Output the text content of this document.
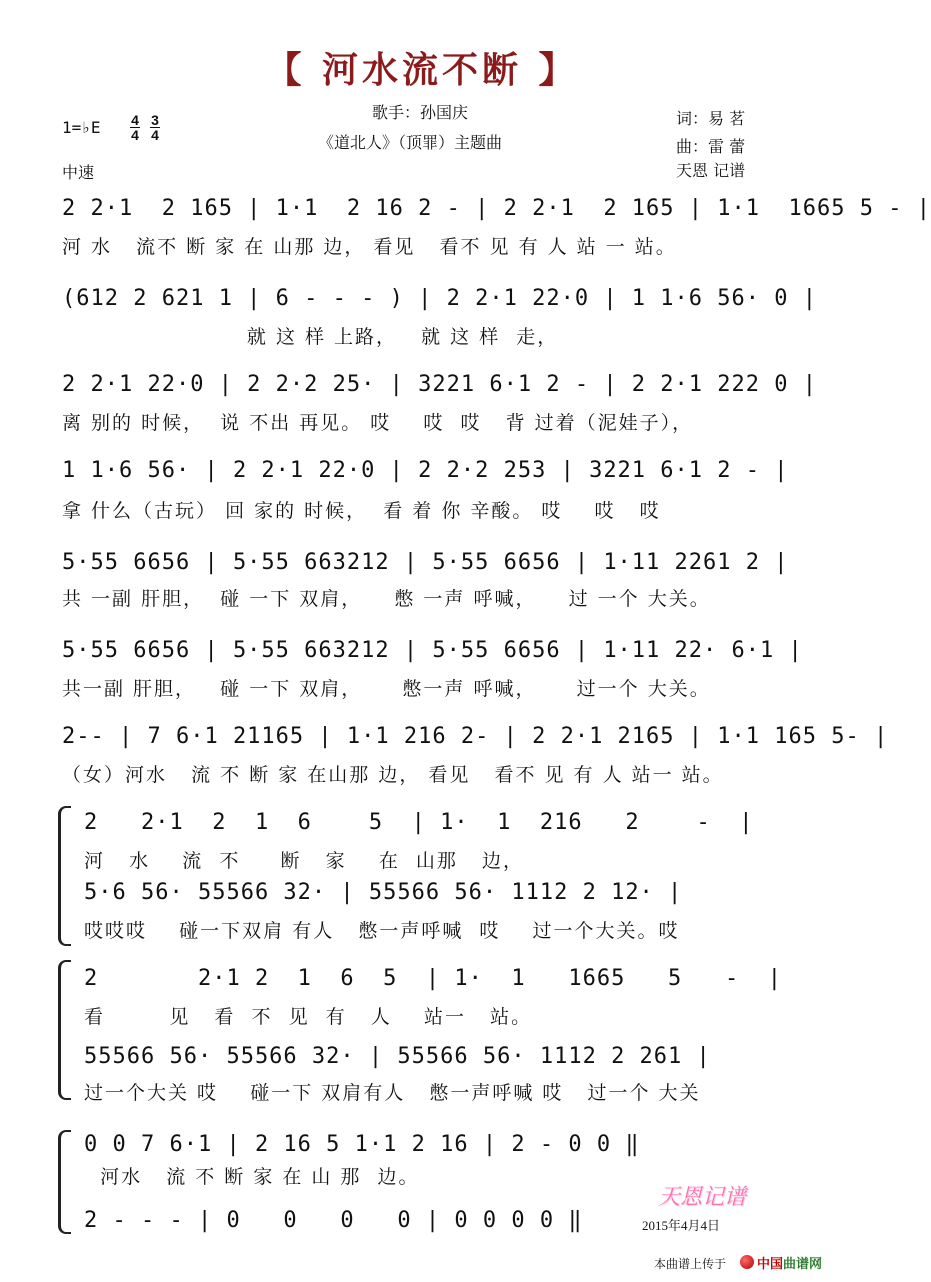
【 河水流不断 】
歌手：孙国庆
《道北人》（顶罪）主题曲
词：易 茗
曲：雷 蕾
天恩 记谱
1=♭E 4
4
3
4
中速
2 2·1  2 165 | 1·1  2 16 2 - | 2 2·1  2 165 | 1·1  1665 5 - |
河 水   流不 断 家 在 山那 边， 看见   看不 见 有 人 站 一 站。
(612 2 621 1 | 6 - - - ) | 2 2·1 22·0 | 1 1·6 56· 0 |
就 这 样 上路，   就 这 样  走，
2 2·1 22·0 | 2 2·2 25· | 3221 6·1 2 - | 2 2·1 222 0 |
离 别的 时候，  说 不出 再见。 哎    哎  哎   背 过着（泥娃子），
1 1·6 56· | 2 2·1 22·0 | 2 2·2 253 | 3221 6·1 2 - |
拿 什么（古玩） 回 家的 时候，  看 着 你 辛酸。 哎    哎   哎
5·55 6656 | 5·55 663212 | 5·55 6656 | 1·11 2261 2 |
共 一副 肝胆，  碰 一下 双肩，    憋 一声 呼喊，    过 一个 大关。
5·55 6656 | 5·55 663212 | 5·55 6656 | 1·11 22· 6·1 |
共一副 肝胆，   碰 一下 双肩，     憋一声 呼喊，     过一个 大关。
2-- | 7 6·1 21165 | 1·1 216 2- | 2 2·1 2165 | 1·1 165 5- |
（女）河水   流 不 断 家 在山那 边， 看见   看不 见 有 人 站一 站。
2   2·1  2  1  6    5  | 1·  1  216   2    -  |
河   水    流  不     断   家    在  山那   边，
5·6 56· 55566 32· | 55566 56· 1112 2 12· |
哎哎哎    碰一下双肩 有人   憋一声呼喊  哎    过一个大关。哎
2       2·1 2  1  6  5  | 1·  1   1665   5   -  |
看        见   看  不  见  有   人    站一   站。
55566 56· 55566 32· | 55566 56· 1112 2 261 |
过一个大关 哎    碰一下 双肩有人   憋一声呼喊 哎   过一个 大关
0 0 7 6·1 | 2 16 5 1·1 2 16 | 2 - 0 0 ‖
河水   流 不 断 家 在 山 那  边。
2 - - - | 0   0   0   0 | 0 0 0 0 ‖
天恩记谱
2015年4月4日
本曲谱上传于 中国曲谱网
